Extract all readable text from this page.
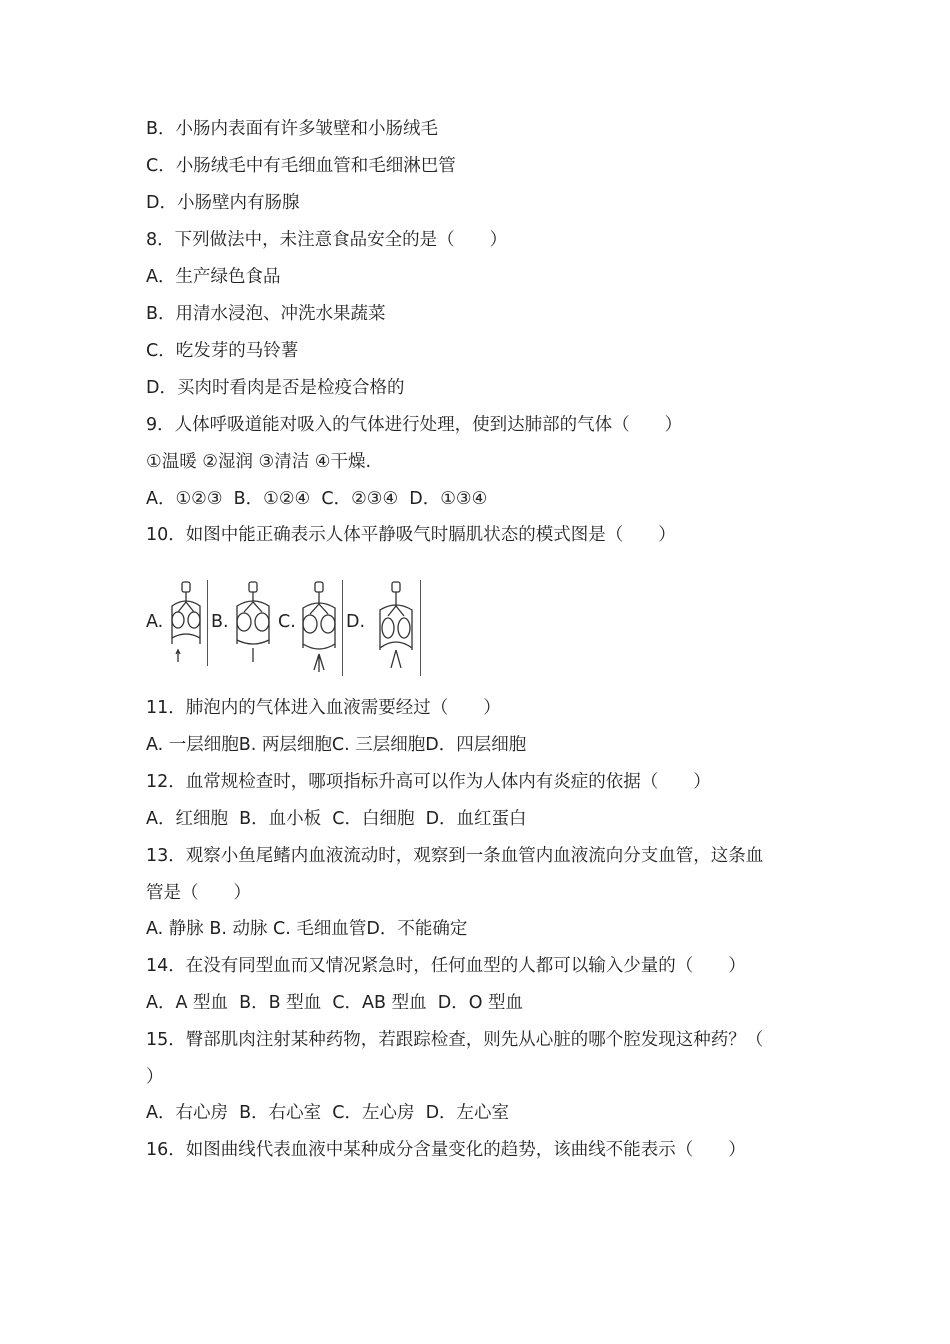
B．小肠内表面有许多皱壁和小肠绒毛
C．小肠绒毛中有毛细血管和毛细淋巴管
D．小肠壁内有肠腺
8．下列做法中，未注意食品安全的是（　　）
A．生产绿色食品
B．用清水浸泡、冲洗水果蔬菜
C．吃发芽的马铃薯
D．买肉时看肉是否是检疫合格的
9．人体呼吸道能对吸入的气体进行处理，使到达肺部的气体（　　）
①温暖 ②湿润 ③清洁 ④干燥.
A．①②③  B．①②④  C．②③④  D．①③④
10．如图中能正确表示人体平静吸气时膈肌状态的模式图是（　　）
A.	B.	C.	D.
11．肺泡内的气体进入血液需要经过（　　）
A. 一层细胞B. 两层细胞C. 三层细胞D．四层细胞
12．血常规检查时，哪项指标升高可以作为人体内有炎症的依据（　　）
A．红细胞  B．血小板  C．白细胞  D．血红蛋白
13．观察小鱼尾鳍内血液流动时，观察到一条血管内血液流向分支血管，这条血
管是（　　）
A. 静脉 B. 动脉 C. 毛细血管D．不能确定
14．在没有同型血而又情况紧急时，任何血型的人都可以输入少量的（　　）
A．A 型血  B．B 型血  C．AB 型血  D．O 型血
15．臀部肌肉注射某种药物，若跟踪检查，则先从心脏的哪个腔发现这种药？（
）
A．右心房  B．右心室  C．左心房  D．左心室
16．如图曲线代表血液中某种成分含量变化的趋势，该曲线不能表示（　　）
